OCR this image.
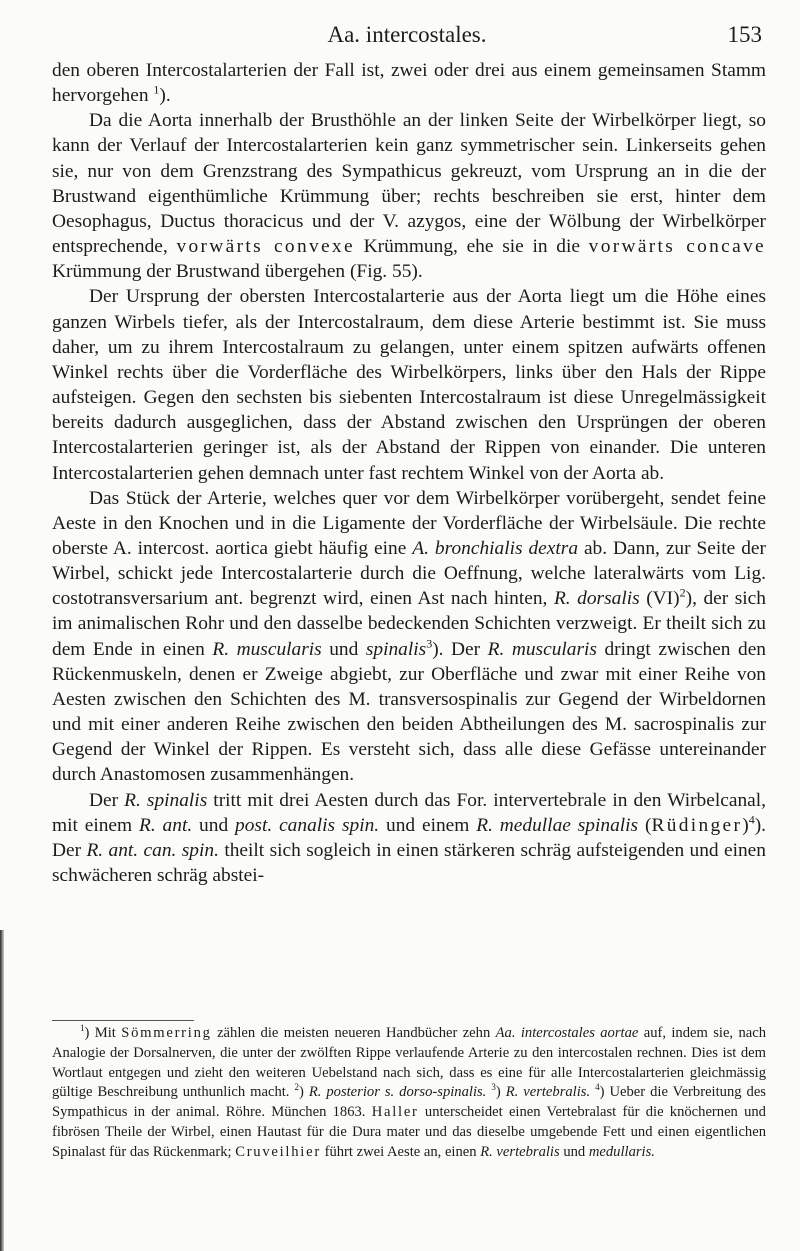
Aa. intercostales.	153

den oberen Intercostalarterien der Fall ist, zwei oder drei aus einem gemeinsamen Stamm hervorgehen $^1$).

Da die Aorta innerhalb der Brusthöhle an der linken Seite der Wirbelkörper liegt, so kann der Verlauf der Intercostalarterien kein ganz symmetrischer sein. Linkerseits gehen sie, nur von dem Grenzstrang des Sympathicus gekreuzt, vom Ursprung an in die der Brustwand eigenthümliche Krümmung über; rechts beschreiben sie erst, hinter dem Oesophagus, Ductus thoracicus und der V. azygos, eine der Wölbung der Wirbelkörper entsprechende, vorwärts convexe Krümmung, ehe sie in die vorwärts concave Krümmung der Brustwand übergehen (Fig. 55).

Der Ursprung der obersten Intercostalarterie aus der Aorta liegt um die Höhe eines ganzen Wirbels tiefer, als der Intercostalraum, dem diese Arterie bestimmt ist. Sie muss daher, um zu ihrem Intercostalraum zu gelangen, unter einem spitzen aufwärts offenen Winkel rechts über die Vorderfläche des Wirbelkörpers, links über den Hals der Rippe aufsteigen. Gegen den sechsten bis siebenten Intercostalraum ist diese Unregelmässigkeit bereits dadurch ausgeglichen, dass der Abstand zwischen den Ursprüngen der oberen Intercostalarterien geringer ist, als der Abstand der Rippen von einander. Die unteren Intercostalarterien gehen demnach unter fast rechtem Winkel von der Aorta ab.

Das Stück der Arterie, welches quer vor dem Wirbelkörper vorübergeht, sendet feine Aeste in den Knochen und in die Ligamente der Vorderfläche der Wirbelsäule. Die rechte oberste A. intercost. aortica giebt häufig eine A. bronchialis dextra ab. Dann, zur Seite der Wirbel, schickt jede Intercostalarterie durch die Oeffnung, welche lateralwärts vom Lig. costotransversarium ant. begrenzt wird, einen Ast nach hinten, R. dorsalis (VI)$^2$), der sich im animalischen Rohr und den dasselbe bedeckenden Schichten verzweigt. Er theilt sich zu dem Ende in einen R. muscularis und spinalis$^3$). Der R. muscularis dringt zwischen den Rückenmuskeln, denen er Zweige abgiebt, zur Oberfläche und zwar mit einer Reihe von Aesten zwischen den Schichten des M. transversospinalis zur Gegend der Wirbeldornen und mit einer anderen Reihe zwischen den beiden Abtheilungen des M. sacrospinalis zur Gegend der Winkel der Rippen. Es versteht sich, dass alle diese Gefässe untereinander durch Anastomosen zusammenhängen.

Der R. spinalis tritt mit drei Aesten durch das For. intervertebrale in den Wirbelcanal, mit einem R. ant. und post. canalis spin. und einem R. medullae spinalis (Rüdinger)$^4$). Der R. ant. can. spin. theilt sich sogleich in einen stärkeren schräg aufsteigenden und einen schwächeren schräg abstei-

$^1$) Mit Sömmerring zählen die meisten neueren Handbücher zehn Aa. intercostales aortae auf, indem sie, nach Analogie der Dorsalnerven, die unter der zwölften Rippe verlaufende Arterie zu den intercostalen rechnen. Dies ist dem Wortlaut entgegen und zieht den weiteren Uebelstand nach sich, dass es eine für alle Intercostalarterien gleichmässig gültige Beschreibung unthunlich macht. $^2$) R. posterior s. dorso-spinalis. $^3$) R. vertebralis. $^4$) Ueber die Verbreitung des Sympathicus in der animal. Röhre. München 1863. Haller unterscheidet einen Vertebralast für die knöchernen und fibrösen Theile der Wirbel, einen Hautast für die Dura mater und das dieselbe umgebende Fett und einen eigentlichen Spinalast für das Rückenmark; Cruveilhier führt zwei Aeste an, einen R. vertebralis und medullaris.
